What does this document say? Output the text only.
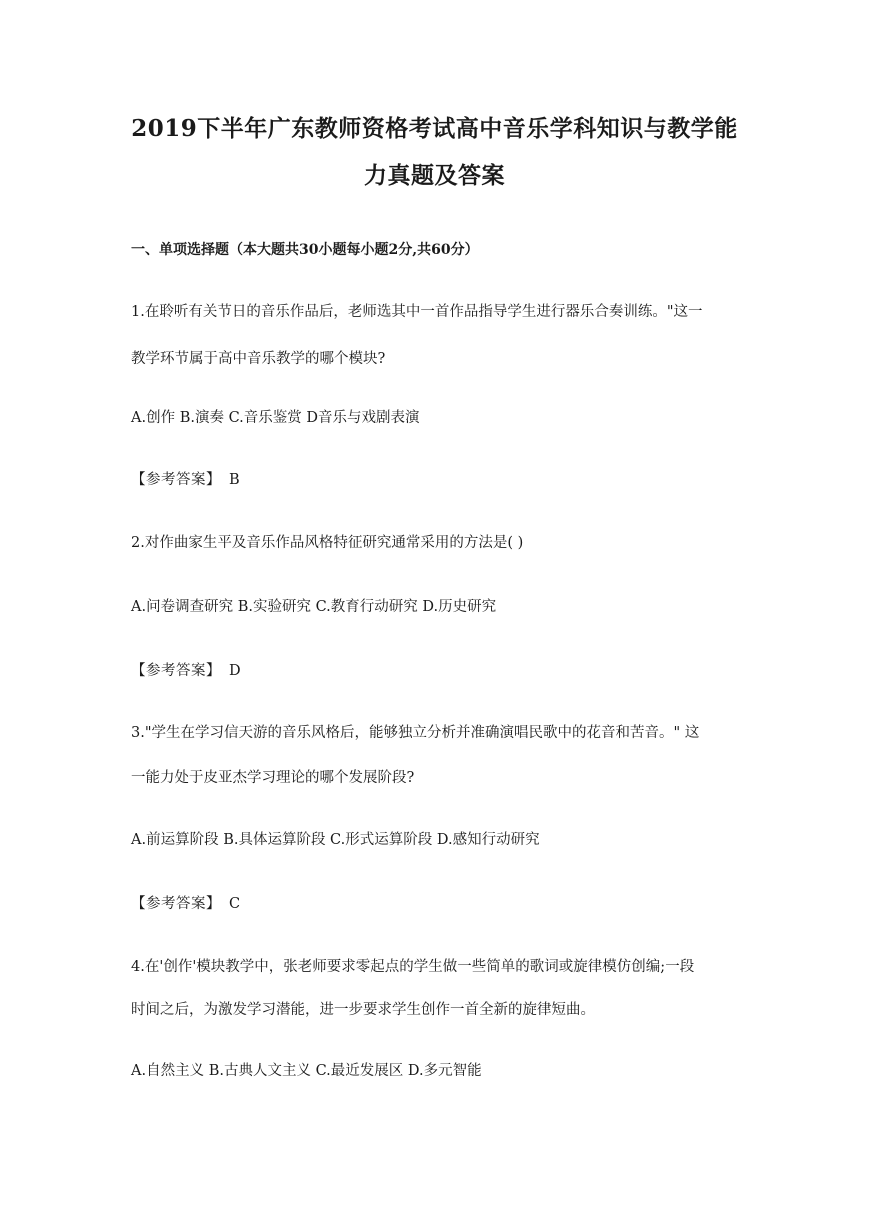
2019下半年广东教师资格考试高中音乐学科知识与教学能
力真题及答案

一、单项选择题（本大题共30小题每小题2分,共60分）

1.在聆听有关节日的音乐作品后，老师选其中一首作品指导学生进行器乐合奏训练。"这一

教学环节属于高中音乐教学的哪个模块?

A.创作 B.演奏 C.音乐鉴赏 D音乐与戏剧表演

【参考答案】 B

2.对作曲家生平及音乐作品风格特征研究通常采用的方法是( )

A.问卷调查研究 B.实验研究 C.教育行动研究 D.历史研究

【参考答案】 D

3."学生在学习信天游的音乐风格后，能够独立分析并准确演唱民歌中的花音和苦音。" 这

一能力处于皮亚杰学习理论的哪个发展阶段?

A.前运算阶段 B.具体运算阶段 C.形式运算阶段 D.感知行动研究

【参考答案】 C

4.在'创作'模块教学中，张老师要求零起点的学生做一些简单的歌词或旋律模仿创编;一段

时间之后，为激发学习潜能，进一步要求学生创作一首全新的旋律短曲。

A.自然主义 B.古典人文主义 C.最近发展区 D.多元智能
